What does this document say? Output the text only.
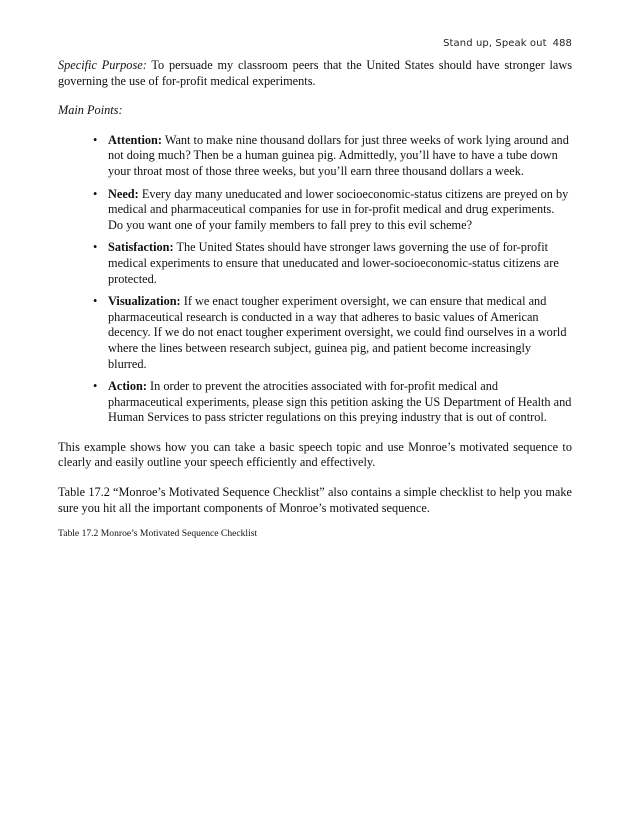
Stand up, Speak out 488

Specific Purpose: To persuade my classroom peers that the United States should have stronger laws governing the use of for-profit medical experiments.

Main Points:

• Attention: Want to make nine thousand dollars for just three weeks of work lying around and not doing much? Then be a human guinea pig. Admittedly, you’ll have to have a tube down your throat most of those three weeks, but you’ll earn three thousand dollars a week.
• Need: Every day many uneducated and lower socioeconomic-status citizens are preyed on by medical and pharmaceutical companies for use in for-profit medical and drug experiments. Do you want one of your family members to fall prey to this evil scheme?
• Satisfaction: The United States should have stronger laws governing the use of for-profit medical experiments to ensure that uneducated and lower-socioeconomic-status citizens are protected.
• Visualization: If we enact tougher experiment oversight, we can ensure that medical and pharmaceutical research is conducted in a way that adheres to basic values of American decency. If we do not enact tougher experiment oversight, we could find ourselves in a world where the lines between research subject, guinea pig, and patient become increasingly blurred.
• Action: In order to prevent the atrocities associated with for-profit medical and pharmaceutical experiments, please sign this petition asking the US Department of Health and Human Services to pass stricter regulations on this preying industry that is out of control.

This example shows how you can take a basic speech topic and use Monroe’s motivated sequence to clearly and easily outline your speech efficiently and effectively.

Table 17.2 “Monroe’s Motivated Sequence Checklist” also contains a simple checklist to help you make sure you hit all the important components of Monroe’s motivated sequence.

Table 17.2 Monroe’s Motivated Sequence Checklist
